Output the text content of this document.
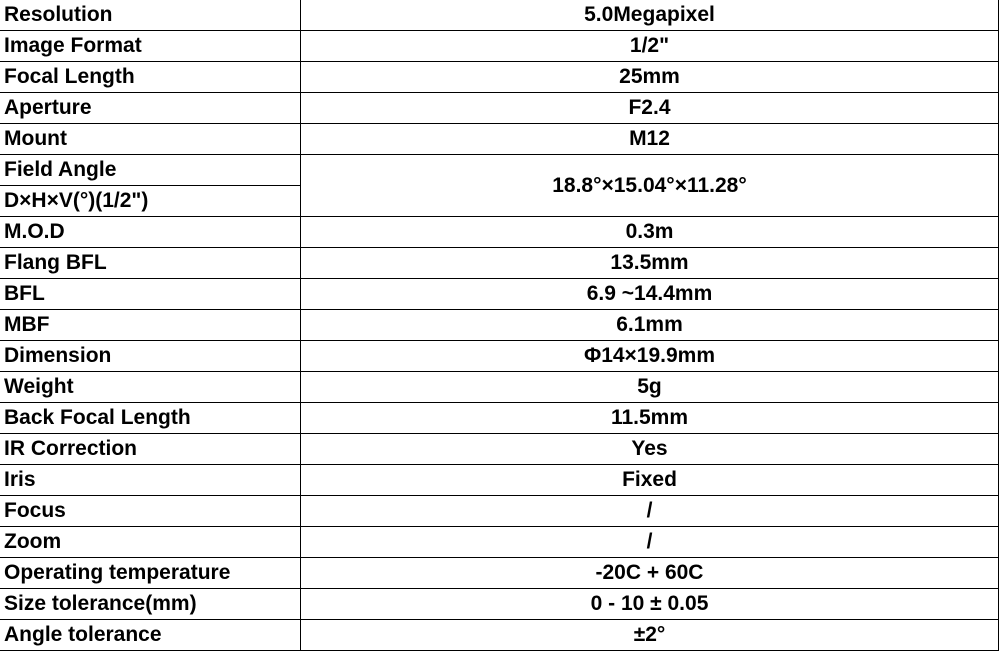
Resolution	5.0Megapixel
Image Format	1/2"
Focal Length	25mm
Aperture	F2.4
Mount	M12
Field Angle	18.8°×15.04°×11.28°
D×H×V(°)(1/2")	
M.O.D	0.3m
Flang BFL	13.5mm
BFL	6.9 ~14.4mm
MBF	6.1mm
Dimension	Φ14×19.9mm
Weight	5g
Back Focal Length	11.5mm
IR Correction	Yes
Iris	Fixed
Focus	/
Zoom	/
Operating temperature	-20C + 60C
Size tolerance(mm)	0 - 10 ± 0.05
Angle tolerance	±2°
